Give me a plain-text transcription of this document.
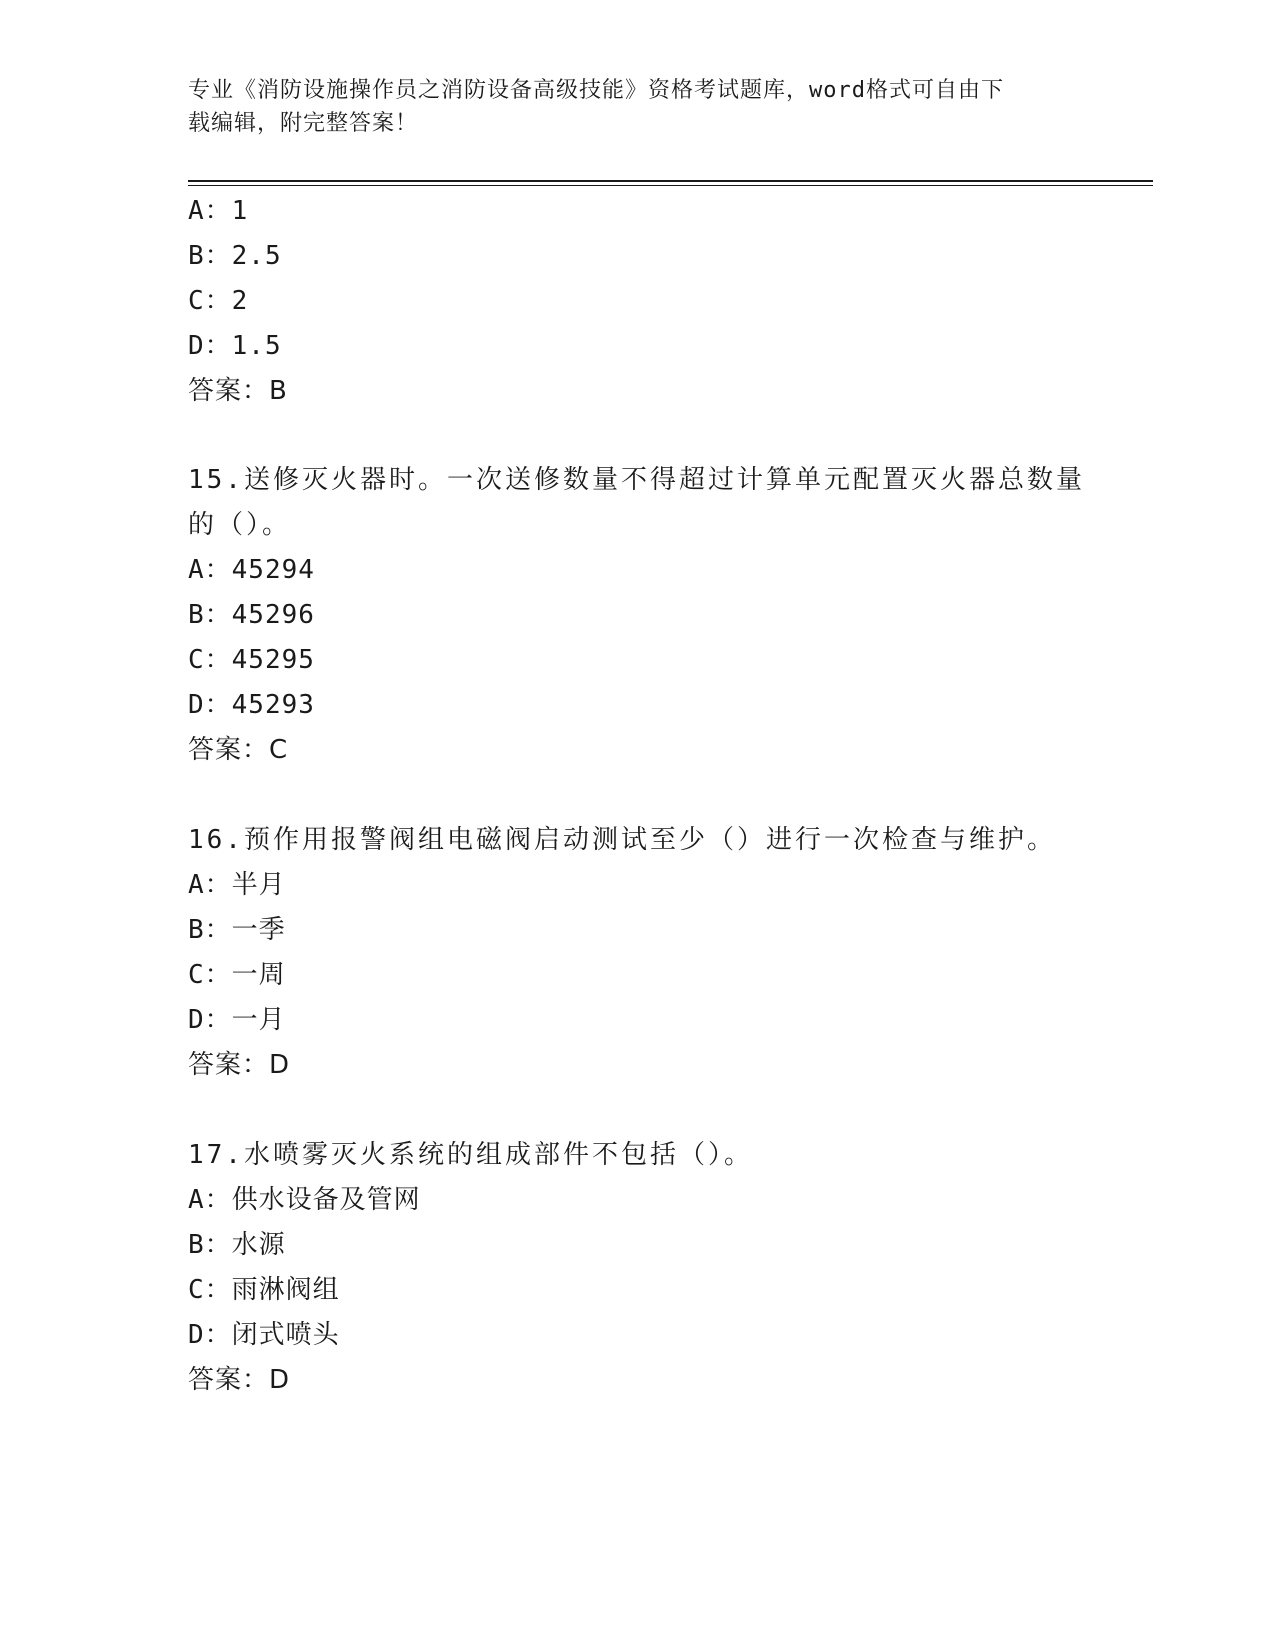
专业《消防设施操作员之消防设备高级技能》资格考试题库，word格式可自由下
载编辑，附完整答案！
A：1
B：2.5
C：2
D：1.5
答案：B
15.送修灭火器时。一次送修数量不得超过计算单元配置灭火器总数量
的（）。
A：45294
B：45296
C：45295
D：45293
答案：C
16.预作用报警阀组电磁阀启动测试至少（）进行一次检查与维护。
A：半月
B：一季
C：一周
D：一月
答案：D
17.水喷雾灭火系统的组成部件不包括（）。
A：供水设备及管网
B：水源
C：雨淋阀组
D：闭式喷头
答案：D
